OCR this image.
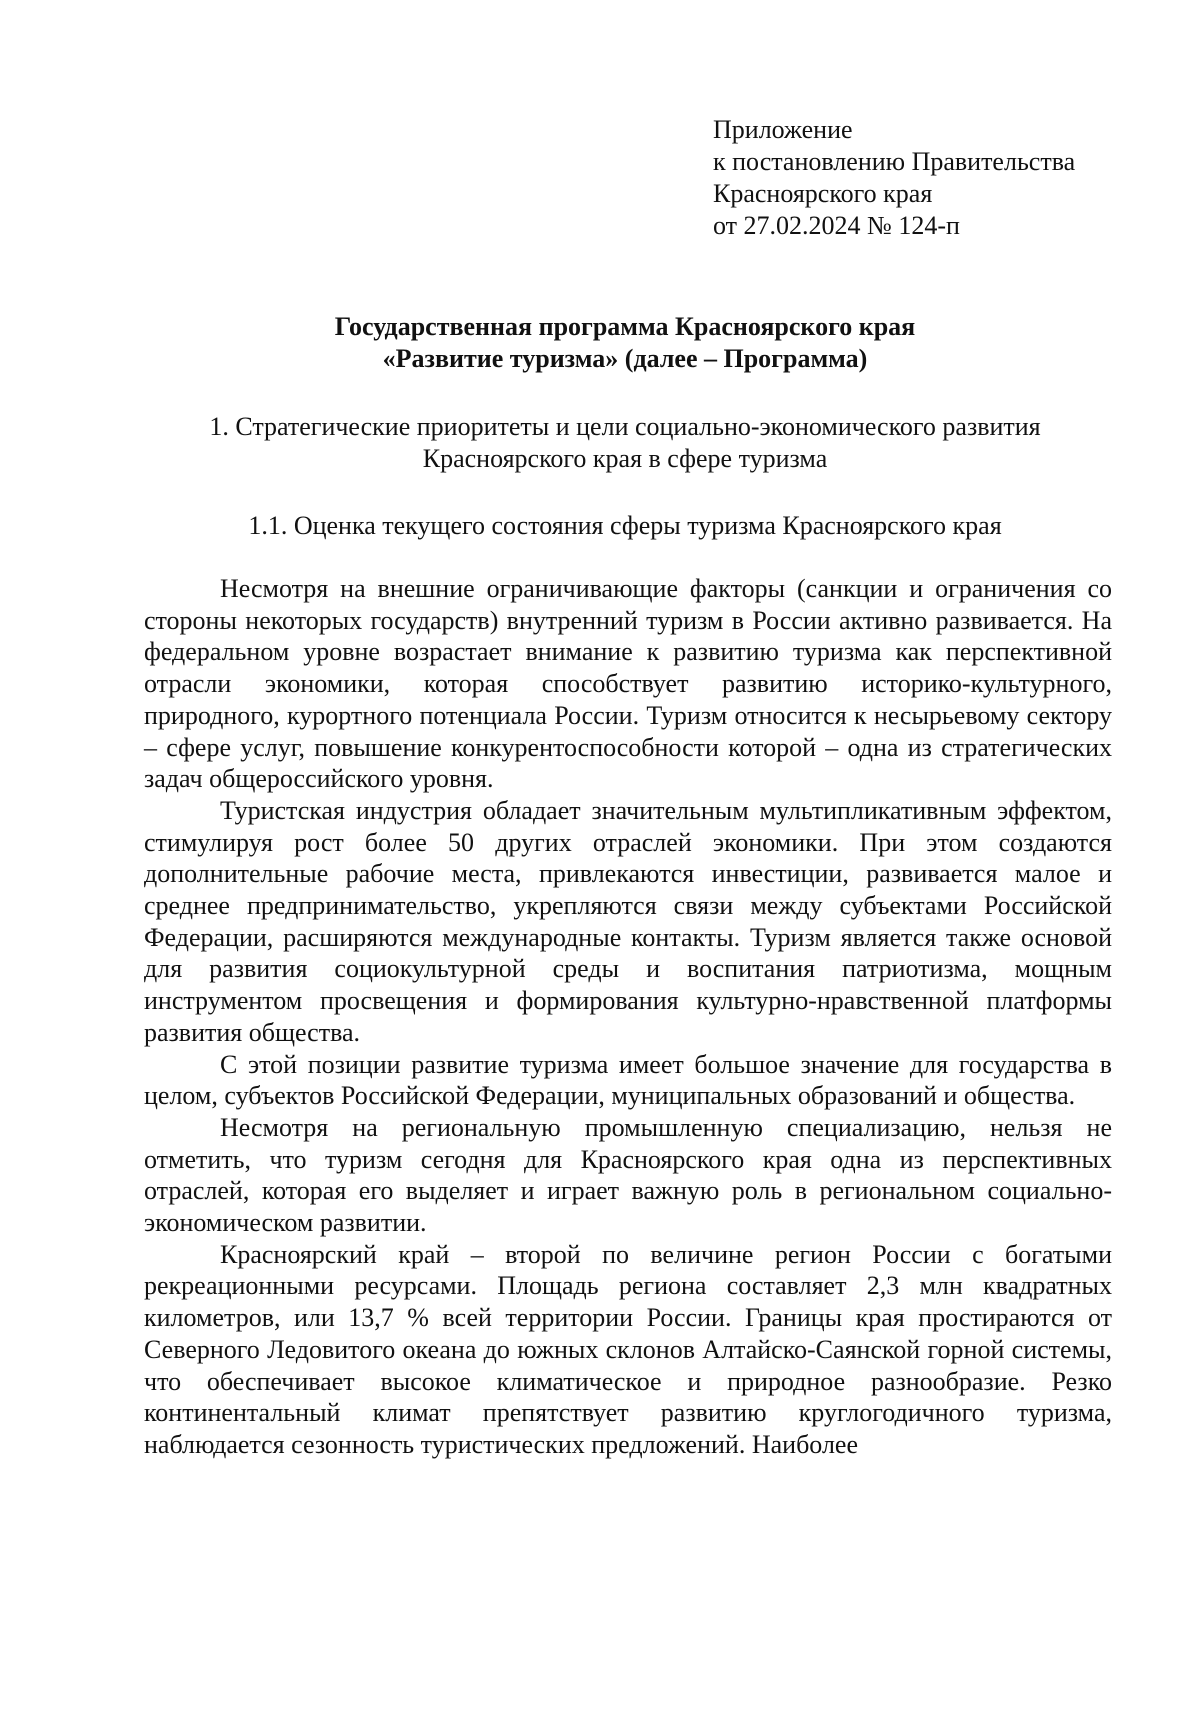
Приложение
к постановлению Правительства
Красноярского края
от 27.02.2024 № 124-п
Государственная программа Красноярского края
«Развитие туризма» (далее – Программа)
1. Стратегические приоритеты и цели социально-экономического развития
Красноярского края в сфере туризма
1.1. Оценка текущего состояния сферы туризма Красноярского края

Несмотря на внешние ограничивающие факторы (санкции и ограничения со стороны некоторых государств) внутренний туризм в России активно развивается. На федеральном уровне возрастает внимание к развитию туризма как перспективной отрасли экономики, которая способствует развитию историко-культурного, природного, курортного потенциала России. Туризм относится к несырьевому сектору – сфере услуг, повышение конкурентоспособности которой – одна из стратегических задач общероссийского уровня.

Туристская индустрия обладает значительным мультипликативным эффектом, стимулируя рост более 50 других отраслей экономики. При этом создаются дополнительные рабочие места, привлекаются инвестиции, развивается малое и среднее предпринимательство, укрепляются связи между субъектами Российской Федерации, расширяются международные контакты. Туризм является также основой для развития социокультурной среды и воспитания патриотизма, мощным инструментом просвещения и формирования культурно-нравственной платформы развития общества.

С этой позиции развитие туризма имеет большое значение для государства в целом, субъектов Российской Федерации, муниципальных образований и общества.

Несмотря на региональную промышленную специализацию, нельзя не отметить, что туризм сегодня для Красноярского края одна из перспективных отраслей, которая его выделяет и играет важную роль в региональном социально-экономическом развитии.

Красноярский край – второй по величине регион России с богатыми рекреационными ресурсами. Площадь региона составляет 2,3 млн квадратных километров, или 13,7 % всей территории России. Границы края простираются от Северного Ледовитого океана до южных склонов Алтайско-Саянской горной системы, что обеспечивает высокое климатическое и природное разнообразие. Резко континентальный климат препятствует развитию круглогодичного туризма, наблюдается сезонность туристических предложений. Наиболее
